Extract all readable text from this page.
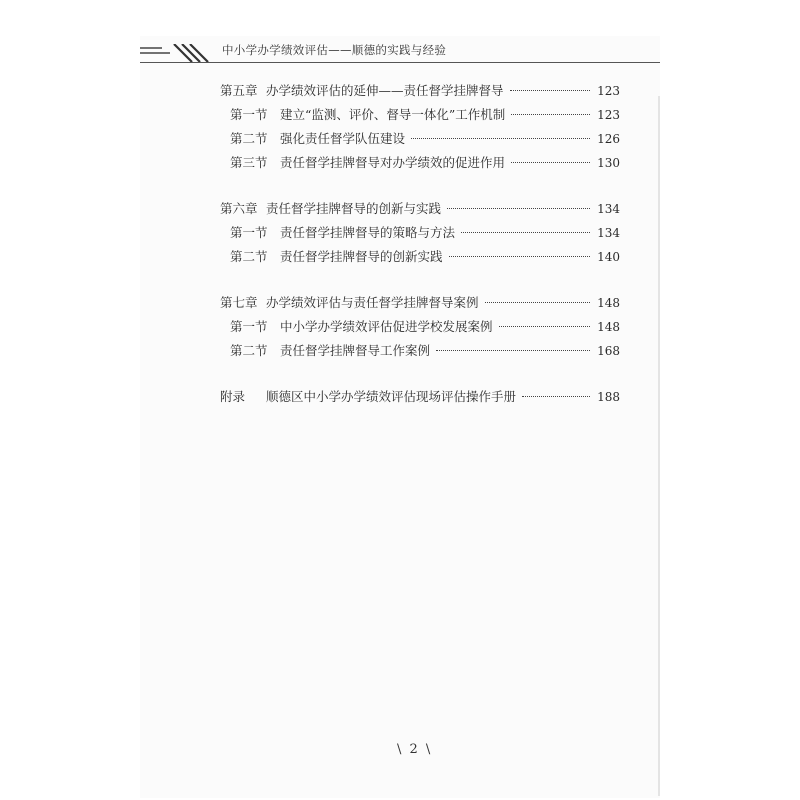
中小学办学绩效评估——顺德的实践与经验
第五章 办学绩效评估的延伸——责任督学挂牌督导	123
第一节 建立“监测、评价、督导一体化”工作机制	123
第二节 强化责任督学队伍建设	126
第三节 责任督学挂牌督导对办学绩效的促进作用	130
第六章 责任督学挂牌督导的创新与实践	134
第一节 责任督学挂牌督导的策略与方法	134
第二节 责任督学挂牌督导的创新实践	140
第七章 办学绩效评估与责任督学挂牌督导案例	148
第一节 中小学办学绩效评估促进学校发展案例	148
第二节 责任督学挂牌督导工作案例	168
附录 顺德区中小学办学绩效评估现场评估操作手册	188
\ 2 \
